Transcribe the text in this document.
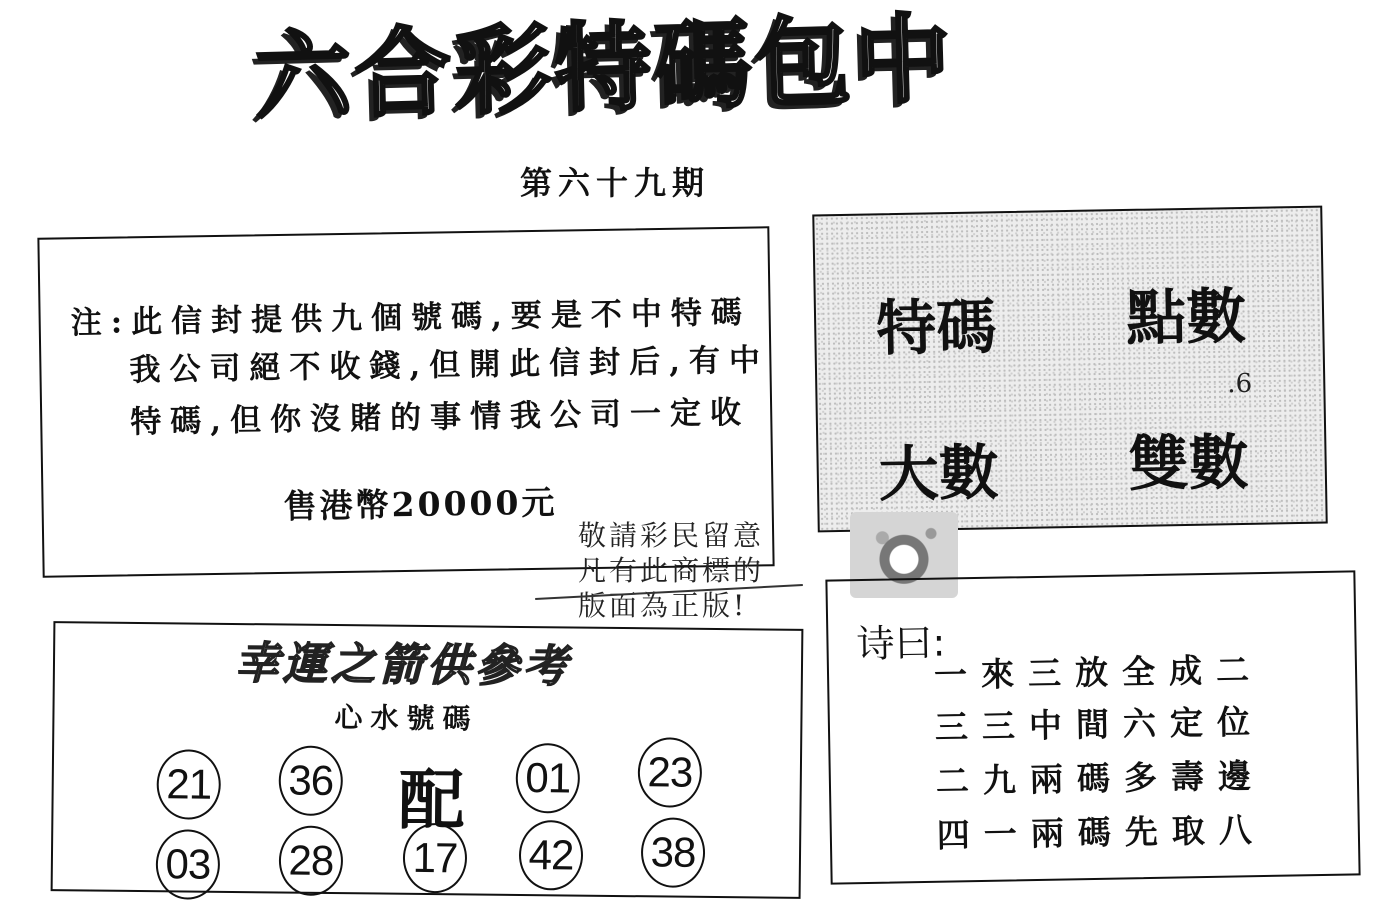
六合彩特碼包中
第六十九期
注:此信封提供九個號碼,要是不中特碼
我公司絕不收錢,但開此信封后,有中
特碼,但你沒賭的事情我公司一定收
售港幣20000元
特碼 點數
大數 雙數
.6
敬請彩民留意
凡有此商標的
版面為正版!
幸運之箭供參考
心水號碼
21 36 配 01 23
03 28 17 42 38
诗曰:
一來三放全成二
三三中間六定位
二九兩碼多壽邊
四一兩碼先取八
